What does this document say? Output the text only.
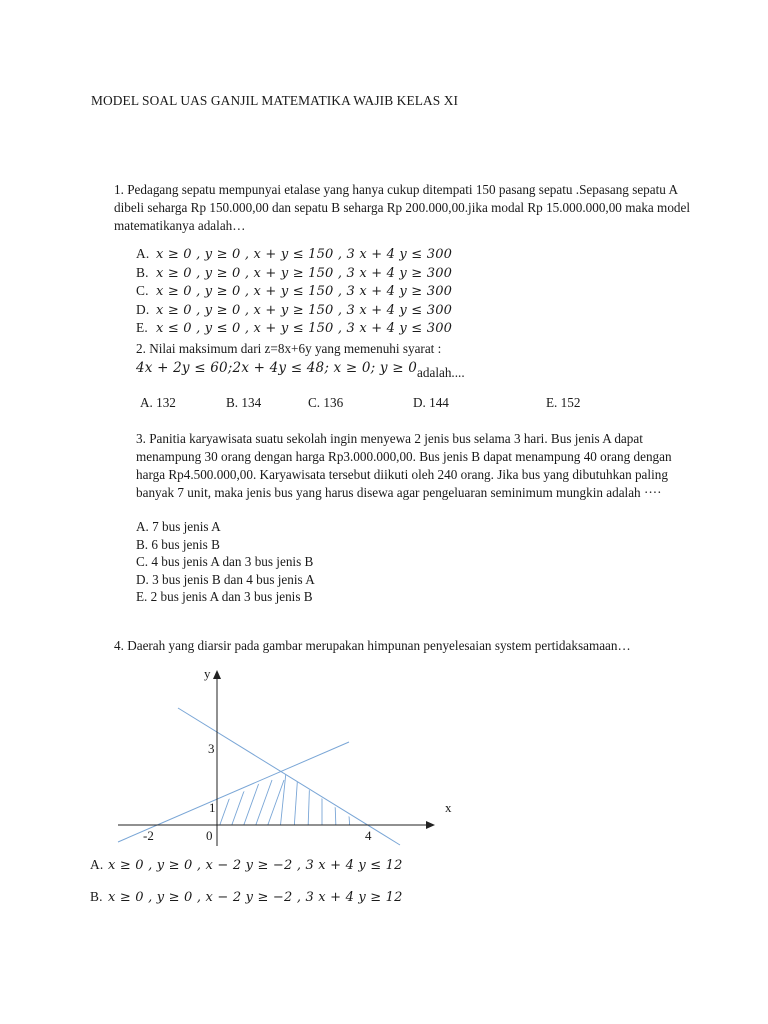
MODEL SOAL UAS GANJIL MATEMATIKA WAJIB KELAS XI
1. Pedagang sepatu mempunyai etalase yang hanya cukup ditempati 150 pasang sepatu .Sepasang sepatu A dibeli seharga Rp 150.000,00 dan sepatu B seharga Rp 200.000,00.jika modal Rp 15.000.000,00 maka model matematikanya adalah…
A. x ≥ 0 , y ≥ 0 , x + y ≤ 150 , 3 x + 4 y ≤ 300
B. x ≥ 0 , y ≥ 0 , x + y ≥ 150 , 3 x + 4 y ≥ 300
C. x ≥ 0 , y ≥ 0 , x + y ≤ 150 , 3 x + 4 y ≥ 300
D. x ≥ 0 , y ≥ 0 , x + y ≥ 150 , 3 x + 4 y ≤ 300
E. x ≤ 0 , y ≤ 0 , x + y ≤ 150 , 3 x + 4 y ≤ 300
2. Nilai maksimum dari z=8x+6y yang memenuhi syarat :
4x + 2y ≤ 60;2x + 4y ≤ 48; x ≥ 0; $y \ge 0_{adalah....}$
A. 132	B. 134	C. 136	D. 144	E. 152
3. Panitia karyawisata suatu sekolah ingin menyewa 2 jenis bus selama 3 hari. Bus jenis A dapat menampung 30 orang dengan harga Rp3.000.000,00. Bus jenis B dapat menampung 40 orang dengan harga Rp4.500.000,00. Karyawisata tersebut diikuti oleh 240 orang. Jika bus yang dibutuhkan paling banyak 7 unit, maka jenis bus yang harus disewa agar pengeluaran seminimum mungkin adalah ····
A. 7 bus jenis A
B. 6 bus jenis B
C. 4 bus jenis A dan 3 bus jenis B
D. 3 bus jenis B dan 4 bus jenis A
E. 2 bus jenis A dan 3 bus jenis B
4. Daerah yang diarsir pada gambar merupakan himpunan penyelesaian system pertidaksamaan…
y
x
3
1
0
-2	4
A. x ≥ 0 , y ≥ 0 , x − 2 y ≥ −2 , 3 x + 4 y ≤ 12
B. x ≥ 0 , y ≥ 0 , x − 2 y ≥ −2 , 3 x + 4 y ≥ 12
